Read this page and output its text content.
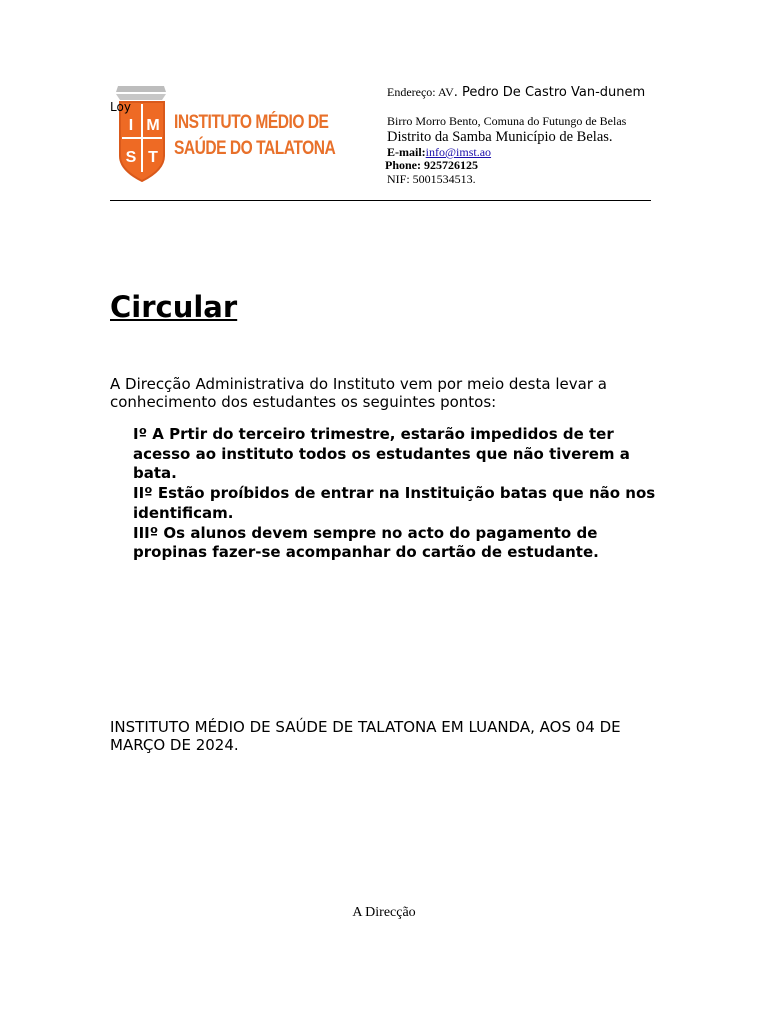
I M
S T
INSTITUTO MÉDIO DE
SAÚDE DO TALATONA
Loy
Endereço: AV. Pedro De Castro Van-dunem
Birro Morro Bento, Comuna do Futungo de Belas
Distrito da Samba Município de Belas.
E-mail:info@imst.ao
Phone: 925726125
NIF: 5001534513.
Circular
A Direcção Administrativa do Instituto vem por meio desta levar a conhecimento dos estudantes os seguintes pontos:
Iº A Prtir do terceiro trimestre, estarão impedidos de ter acesso ao instituto todos os estudantes que não tiverem a bata.
IIº Estão proíbidos de entrar na Instituição batas que não nos identificam.
IIIº Os alunos devem sempre no acto do pagamento de propinas fazer-se acompanhar do cartão de estudante.
INSTITUTO MÉDIO DE SAÚDE DE TALATONA EM LUANDA, AOS 04 DE MARÇO DE 2024.
A Direcção
